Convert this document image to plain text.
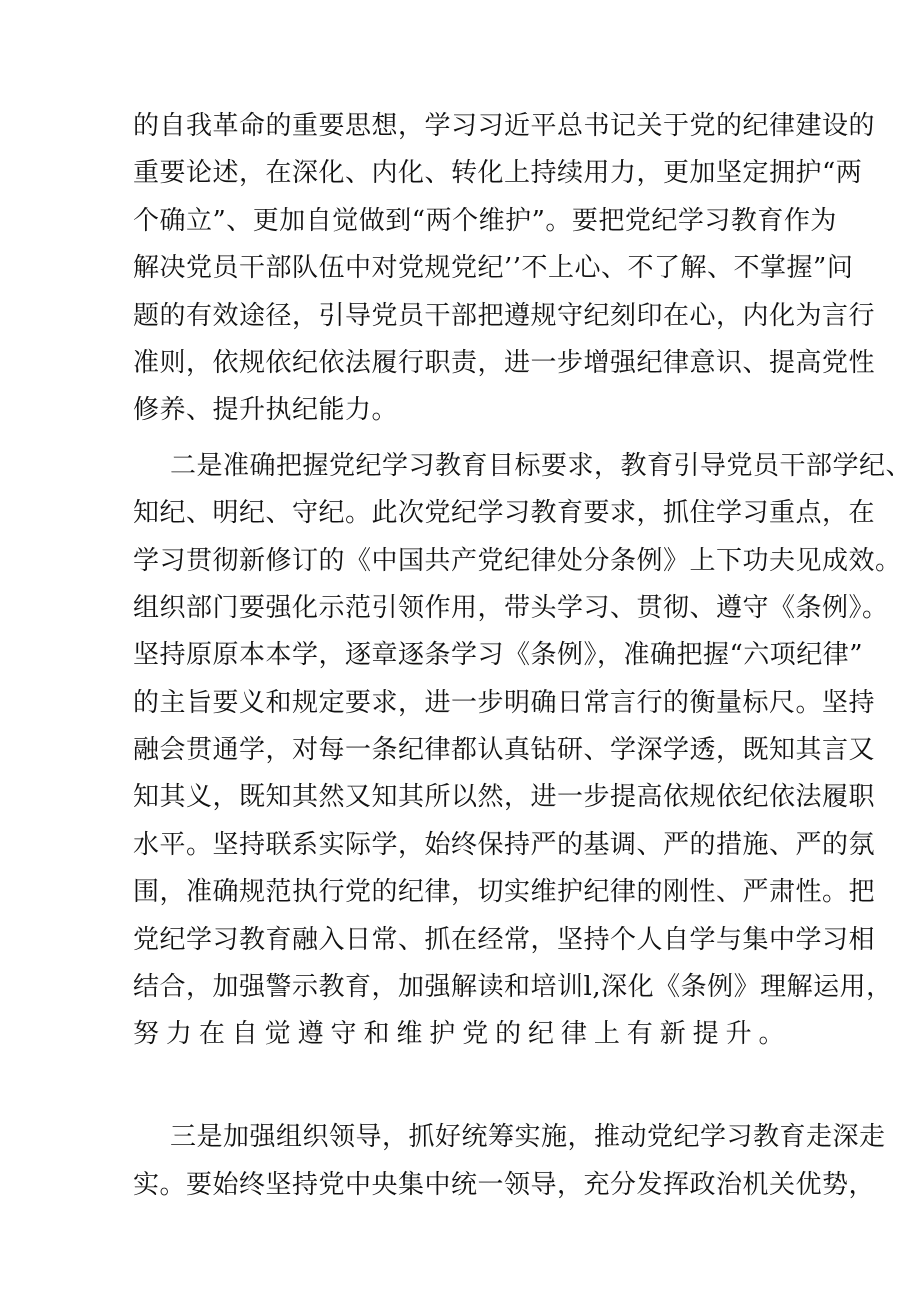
的自我革命的重要思想，学习习近平总书记关于党的纪律建设的
重要论述，在深化、内化、转化上持续用力，更加坚定拥护“两
个确立”、更加自觉做到“两个维护”。要把党纪学习教育作为
解决党员干部队伍中对党规党纪’’不上心、不了解、不掌握”问
题的有效途径，引导党员干部把遵规守纪刻印在心，内化为言行
准则，依规依纪依法履行职责，进一步增强纪律意识、提高党性
修养、提升执纪能力。
二是准确把握党纪学习教育目标要求，教育引导党员干部学纪、
知纪、明纪、守纪。此次党纪学习教育要求，抓住学习重点，在
学习贯彻新修订的《中国共产党纪律处分条例》上下功夫见成效。
组织部门要强化示范引领作用，带头学习、贯彻、遵守《条例》。
坚持原原本本学，逐章逐条学习《条例》，准确把握“六项纪律”
的主旨要义和规定要求，进一步明确日常言行的衡量标尺。坚持
融会贯通学，对每一条纪律都认真钻研、学深学透，既知其言又
知其义，既知其然又知其所以然，进一步提高依规依纪依法履职
水平。坚持联系实际学，始终保持严的基调、严的措施、严的氛
围，准确规范执行党的纪律，切实维护纪律的刚性、严肃性。把
党纪学习教育融入日常、抓在经常，坚持个人自学与集中学习相
结合，加强警示教育，加强解读和培训l,深化《条例》理解运用，
努力在自觉遵守和维护党的纪律上有新提升。
三是加强组织领导，抓好统筹实施，推动党纪学习教育走深走
实。要始终坚持党中央集中统一领导，充分发挥政治机关优势，
